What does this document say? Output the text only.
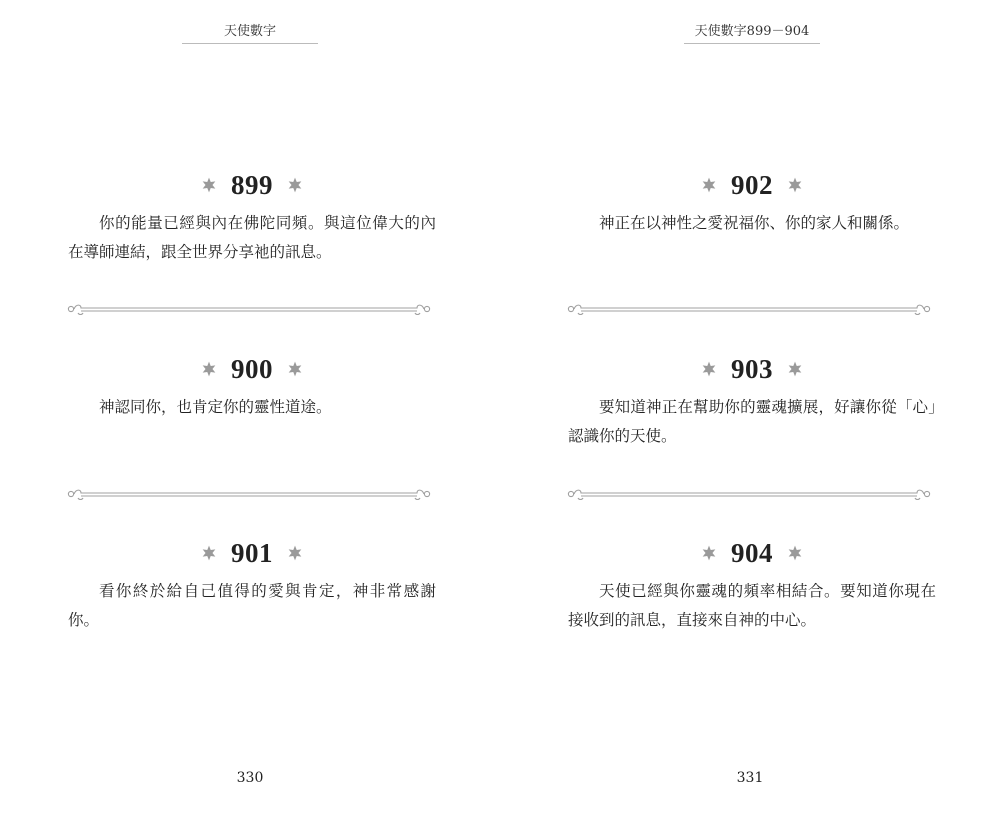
天使數字
899

你的能量已經與內在佛陀同頻。與這位偉大的內在導師連結，跟全世界分享祂的訊息。

900

神認同你，也肯定你的靈性道途。

901

看你終於給自己值得的愛與肯定，神非常感謝你。

330
天使數字899－904
902

神正在以神性之愛祝福你、你的家人和關係。

903

要知道神正在幫助你的靈魂擴展，好讓你從「心」認識你的天使。

904

天使已經與你靈魂的頻率相結合。要知道你現在接收到的訊息，直接來自神的中心。

331
